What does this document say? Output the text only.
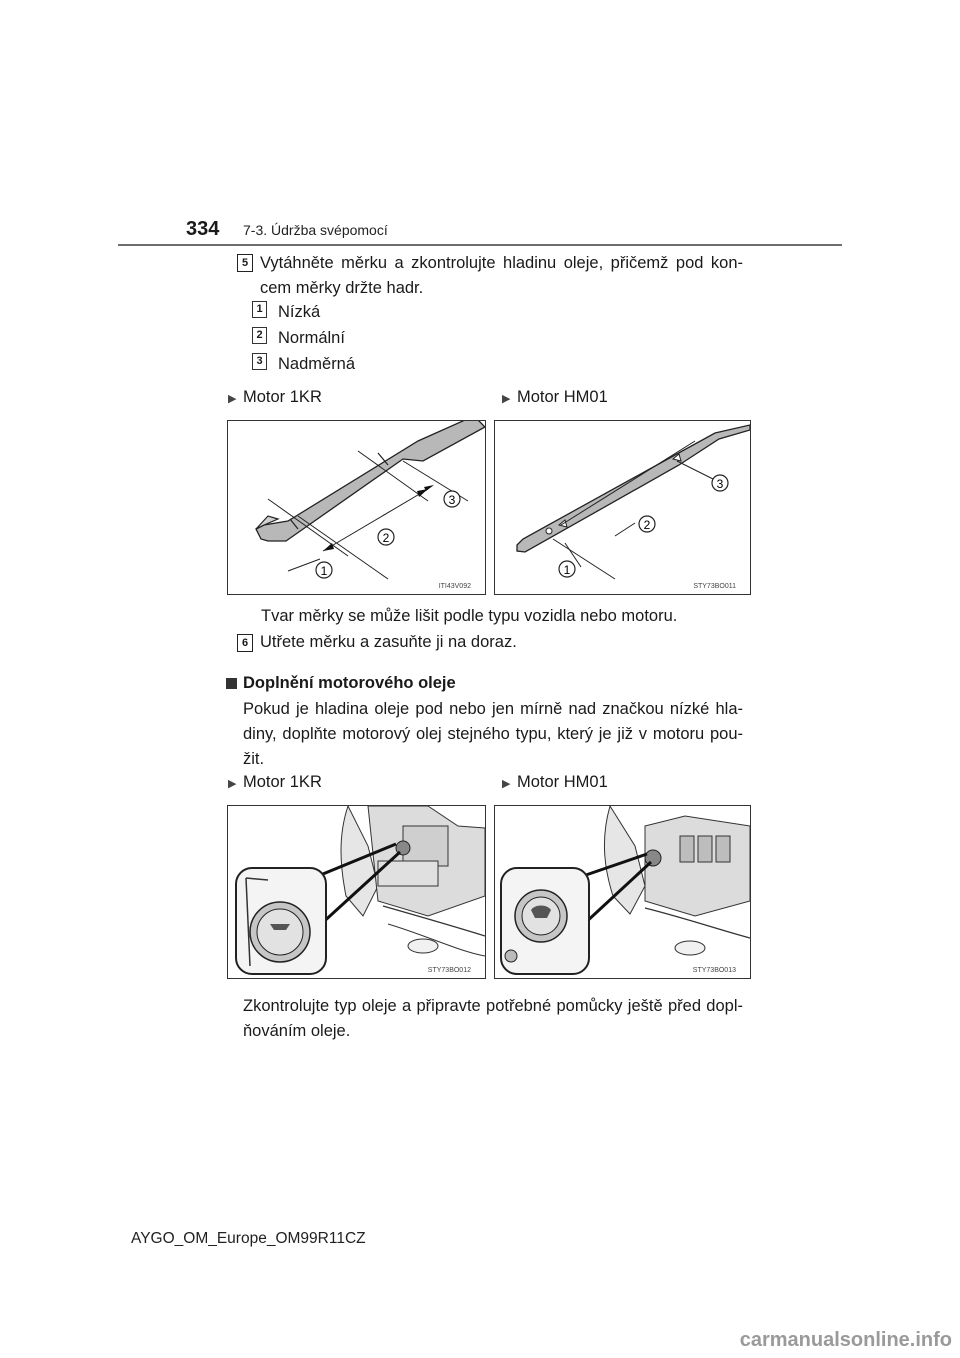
334 7-3. Údržba svépomocí
5 Vytáhněte měrku a zkontrolujte hladinu oleje, přičemž pod kon-
cem měrky držte hadr.
1 Nízká
2 Normální
3 Nadměrná
▶ Motor 1KR	▶ Motor HM01
1
2
3
ITI43V092
1
2
3
STY73BO011
Tvar měrky se může lišit podle typu vozidla nebo motoru.
6 Utřete měrku a zasuňte ji na doraz.
Doplnění motorového oleje
Pokud je hladina oleje pod nebo jen mírně nad značkou nízké hla-
diny, doplňte motorový olej stejného typu, který je již v motoru pou-
žit.
▶ Motor 1KR	▶ Motor HM01
STY73BO012	STY73BO013
Zkontrolujte typ oleje a připravte potřebné pomůcky ještě před dopl-
ňováním oleje.
AYGO_OM_Europe_OM99R11CZ
carmanualsonline.info
